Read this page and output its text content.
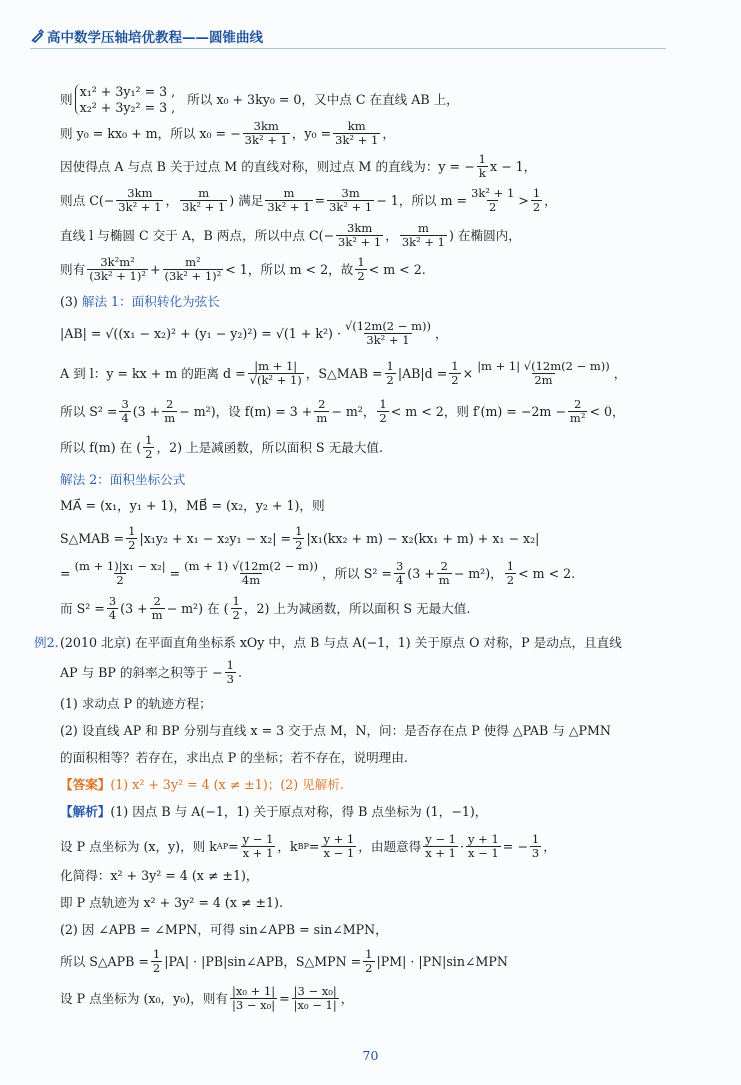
高中数学压轴培优教程——圆锥曲线
则
x₁² + 3y₁² = 3 ,
x₂² + 3y₂² = 3 ,
所以 x₀ + 3ky₀ = 0，又中点 C 在直线 AB 上，
则 y₀ = kx₀ + m，所以 x₀ = − $\frac{3km}{\text{3k² + 1}}$ ，$y_0 = \frac{km}{\text{3k² + 1}}$ ，
因使得点 A 与点 B 关于过点 M 的直线对称，则过点 M 的直线为：y = − $\frac{1}{k}$ x − 1，
则点 $C(- \frac{3km}{\text{3k² + 1}}$ ， $\frac{m}{\text{3k² + 1}}$ ) 满足 $\frac{m}{\text{3k² + 1}} = \frac{3m}{\text{3k² + 1}} - 1$，所以 $m = \frac{\text{3k² + 1}}{2} > \frac{1}{2}$ ，
直线 l 与椭圆 C 交于 A，B 两点，所以中点 $C(- \frac{3km}{\text{3k² + 1}}$ ， $\frac{m}{\text{3k² + 1}}$ ) 在椭圆内，
则有 $\frac{\text{3k²m²}}{\text{(3k² + 1)²}} + \frac{\text{m²}}{\text{(3k² + 1)²}} < 1$，所以 m < 2，故 $\frac{1}{2} < m < 2$.
(3)
解法 1：面积转化为弦长
$|AB| = √((x_1 - x_2)^2 + (y_1 - y_2)^2) = √(1 + k^2) \cdot \frac{√(12m(2 - m))}{\text{3k² + 1}}$ ，
A 到 l：y = kx + m 的距离 $d = \frac{|m + 1|}{\text{√(k² + 1)}}$ ，S△MAB = $\frac{1}{2} |AB|d = \frac{1}{2} \times \frac{|m + 1| √(12m(2 - m))}{2m}$ ，
所以 $S^2 = \frac{3}{4} (3 + \frac{2}{m} - m^2)$，设 $f(m) = 3 + \frac{2}{m} - m^2$， $\frac{1}{2} < m < 2$，则 $f'(m) = -2m - \frac{2}{\text{m²}} < 0$，
所以 f(m) 在 ( $\frac{1}{2}$ ，2) 上是减函数，所以面积 S 无最大值.
解法 2：面积坐标公式
MA⃗ = (x₁，y₁ + 1)，MB⃗ = (x₂，y₂ + 1)，则
S△MAB = $\frac{1}{2} |x_1y_2 + x_1 - x_2y_1 - x_2| = \frac{1}{2} |x_1(kx_2 + m) - x_2(kx_1 + m) + x_1 - x_2|$
= $\frac{\text{(m + 1)|x₁ − x₂|}}{2} = \frac{(m + 1) √(12m(2 - m))}{4m}$ ，所以 $S^2 = \frac{3}{4} (3 + \frac{2}{m} - m^2)$， $\frac{1}{2} < m < 2$.
而 $S^2 = \frac{3}{4} (3 + \frac{2}{m} - m^2)$ 在 ( $\frac{1}{2}$ ，2) 上为减函数，所以面积 S 无最大值.
例2. (2010 北京) 在平面直角坐标系 xOy 中，点 B 与点 A(−1，1) 关于原点 O 对称，P 是动点，且直线
AP 与 BP 的斜率之积等于 − $\frac{1}{3}$ .
(1) 求动点 P 的轨迹方程；
(2) 设直线 AP 和 BP 分别与直线 x = 3 交于点 M，N，问：是否存在点 P 使得 △PAB 与 △PMN
的面积相等？若存在，求出点 P 的坐标；若不存在，说明理由.
【答案】 (1) x² + 3y² = 4 (x ≠ ±1)；(2) 见解析.
【解析】 (1) 因点 B 与 A(−1，1) 关于原点对称，得 B 点坐标为 (1，−1)，
设 P 点坐标为 (x，y)，则 k AP = $\frac{y - 1}{x + 1}$ ，k BP = $\frac{y + 1}{x - 1}$ ，由题意得 $\frac{y - 1}{x + 1} \cdot \frac{y + 1}{x - 1}$ = − $\frac{1}{3}$ ，
化简得：x² + 3y² = 4 (x ≠ ±1)，
即 P 点轨迹为 x² + 3y² = 4 (x ≠ ±1).
(2) 因 ∠APB = ∠MPN，可得 sin∠APB = sin∠MPN，
所以 S△APB = $\frac{1}{2} |PA|$ · |PB|sin∠APB，S△MPN = $\frac{1}{2} |PM|$ · |PN|sin∠MPN
设 P 点坐标为 (x₀，y₀)，则有 $\frac{\text{|x₀ + 1|}}{\text{|3 − x₀|}} = \frac{\text{|3 − x₀|}}{\text{|x₀ − 1|}}$ ，
70
